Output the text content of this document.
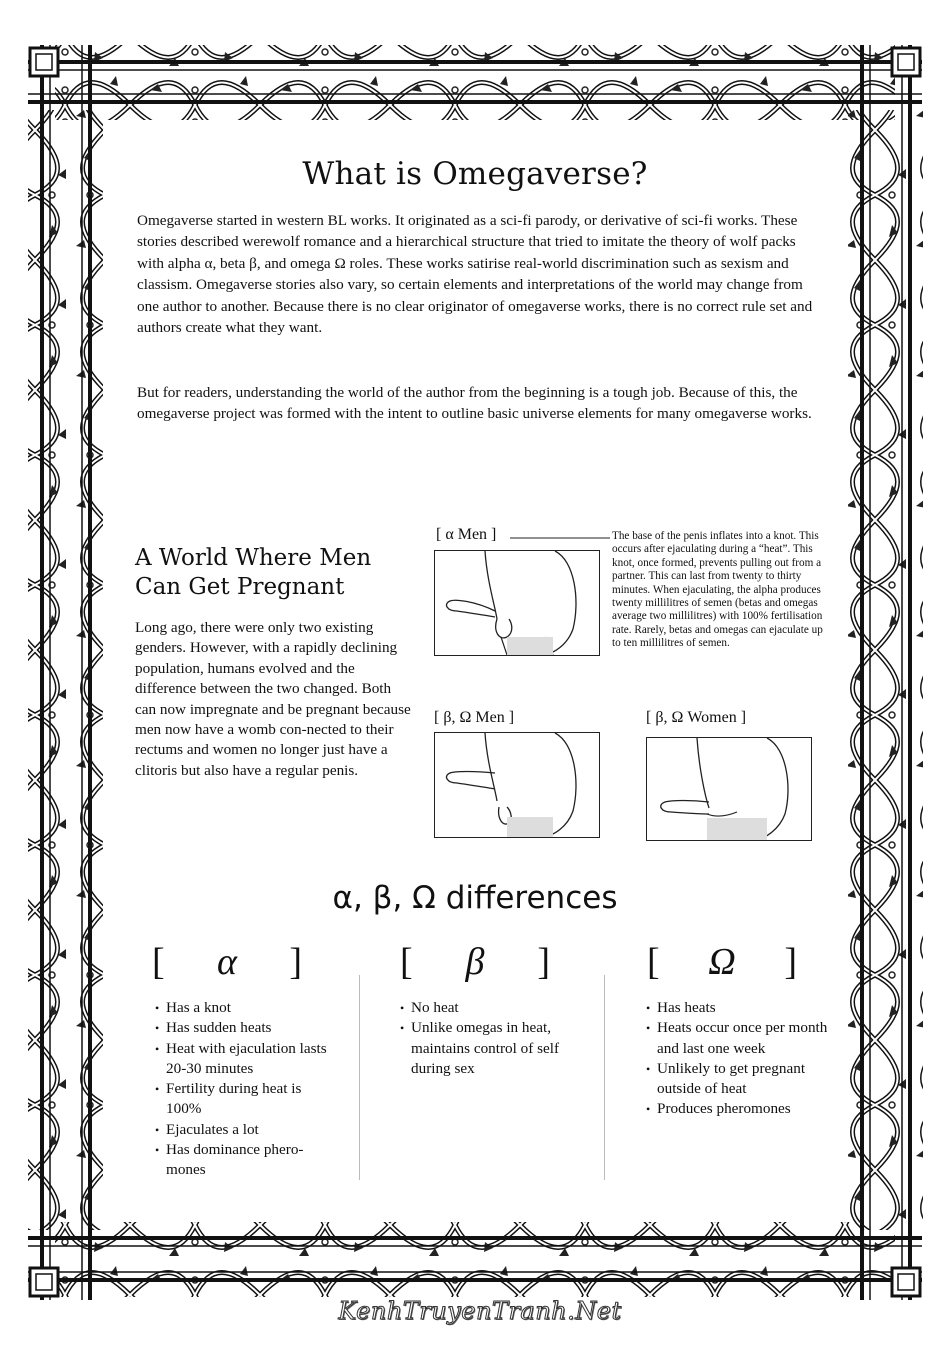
What is Omegaverse?
Omegaverse started in western BL works. It originated as a sci-fi parody, or derivative of sci-fi works. These stories described werewolf romance and a hierarchical structure that tried to imitate the theory of wolf packs with alpha α, beta β, and omega Ω roles. These works satirise real-world discrimination such as sexism and classism. Omegaverse stories also vary, so certain elements and interpretations of the world may change from one author to another. Because there is no clear originator of omegaverse works, there is no correct rule set and authors create what they want.
But for readers, understanding the world of the author from the beginning is a tough job. Because of this, the omegaverse project was formed with the intent to outline basic universe elements for many omegaverse works.
A World Where Men Can Get Pregnant
Long ago, there were only two existing genders. However, with a rapidly declining population, humans evolved and the difference between the two changed. Both can now impregnate and be pregnant because men now have a womb con-nected to their rectums and women no longer just have a clitoris but also have a regular penis.
[ α Men ]	The base of the penis inflates into a knot. This occurs after ejaculating during a “heat”. This knot, once formed, prevents pulling out from a partner. This can last from twenty to thirty minutes. When ejaculating, the alpha produces twenty millilitres of semen (betas and omegas average two millilitres) with 100% fertilisation rate. Rarely, betas and omegas can ejaculate up to ten millilitres of semen.
[ β, Ω Men ]	[ β, Ω Women ]
α, β, Ω differences
[	α	]	[	β	]	[	Ω	]
• Has a knot
• Has sudden heats
• Heat with ejaculation lasts 20-30 minutes
• Fertility during heat is 100%
• Ejaculates a lot
• Has dominance phero-mones
• No heat
• Unlike omegas in heat, maintains control of self during sex
• Has heats
• Heats occur once per month and last one week
• Unlikely to get pregnant outside of heat
• Produces pheromones
KenhTruyenTranh.Net
